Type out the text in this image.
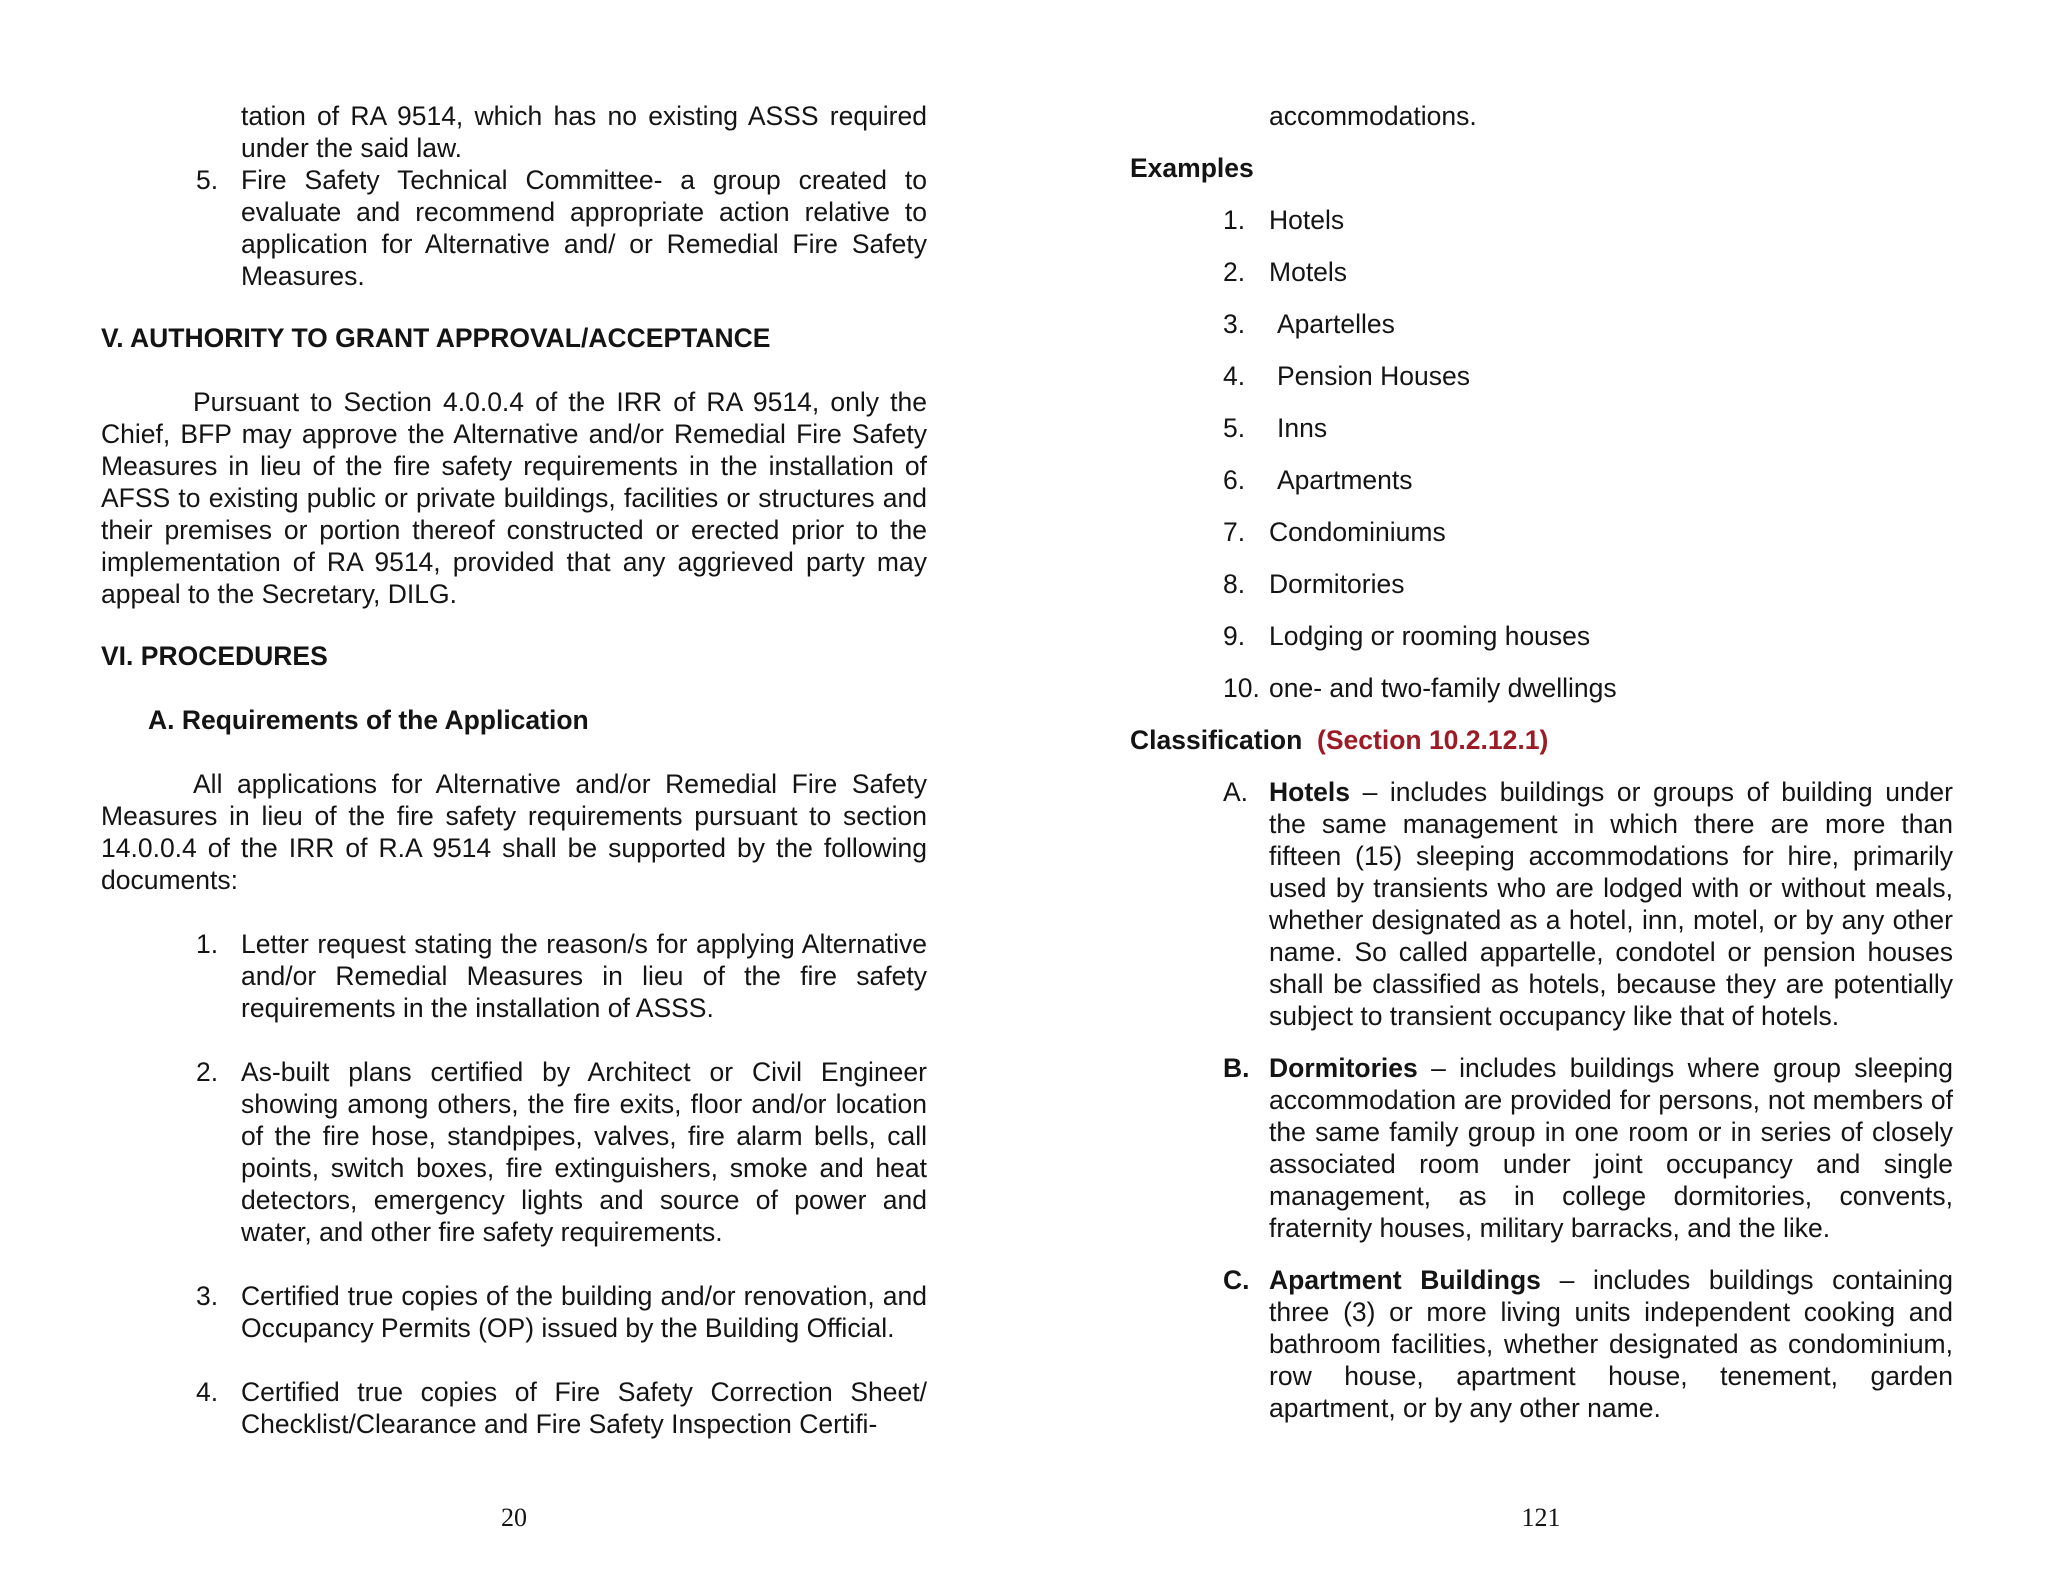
tation of RA 9514, which has no existing ASSS required under the said law.

5. Fire Safety Technical Committee- a group created to evaluate and recommend appropriate action relative to application for Alternative and/ or Remedial Fire Safety Measures.

V. AUTHORITY TO GRANT APPROVAL/ACCEPTANCE

Pursuant to Section 4.0.0.4 of the IRR of RA 9514, only the Chief, BFP may approve the Alternative and/or Remedial Fire Safety Measures in lieu of the fire safety requirements in the installation of AFSS to existing public or private buildings, facilities or structures and their premises or portion thereof constructed or erected prior to the implementation of RA 9514, provided that any aggrieved party may appeal to the Secretary, DILG.

VI. PROCEDURES

A. Requirements of the Application

All applications for Alternative and/or Remedial Fire Safety Measures in lieu of the fire safety requirements pursuant to section 14.0.0.4 of the IRR of R.A 9514 shall be supported by the following documents:

1. Letter request stating the reason/s for applying Alternative and/or Remedial Measures in lieu of the fire safety requirements in the installation of ASSS.
2. As-built plans certified by Architect or Civil Engineer showing among others, the fire exits, floor and/or location of the fire hose, standpipes, valves, fire alarm bells, call points, switch boxes, fire extinguishers, smoke and heat detectors, emergency lights and source of power and water, and other fire safety requirements.
3. Certified true copies of the building and/or renovation, and Occupancy Permits (OP) issued by the Building Official.
4. Certified true copies of Fire Safety Correction Sheet/ Checklist/Clearance and Fire Safety Inspection Certifi-
20

accommodations.

Examples

1. Hotels
2. Motels
3.	Apartelles
4.	Pension Houses
5.	Inns
6.	Apartments
7. Condominiums
8. Dormitories
9. Lodging or rooming houses
10. one- and two-family dwellings

Classification (Section 10.2.12.1)

A. Hotels – includes buildings or groups of building under the same management in which there are more than fifteen (15) sleeping accommodations for hire, primarily used by transients who are lodged with or without meals, whether designated as a hotel, inn, motel, or by any other name. So called appartelle, condotel or pension houses shall be classified as hotels, because they are potentially subject to transient occupancy like that of hotels.
B. Dormitories – includes buildings where group sleeping accommodation are provided for persons, not members of the same family group in one room or in series of closely associated room under joint occupancy and single management, as in college dormitories, convents, fraternity houses, military barracks, and the like.
C. Apartment Buildings – includes buildings containing three (3) or more living units independent cooking and bathroom facilities, whether designated as condominium, row house, apartment house, tenement, garden apartment, or by any other name.
121
